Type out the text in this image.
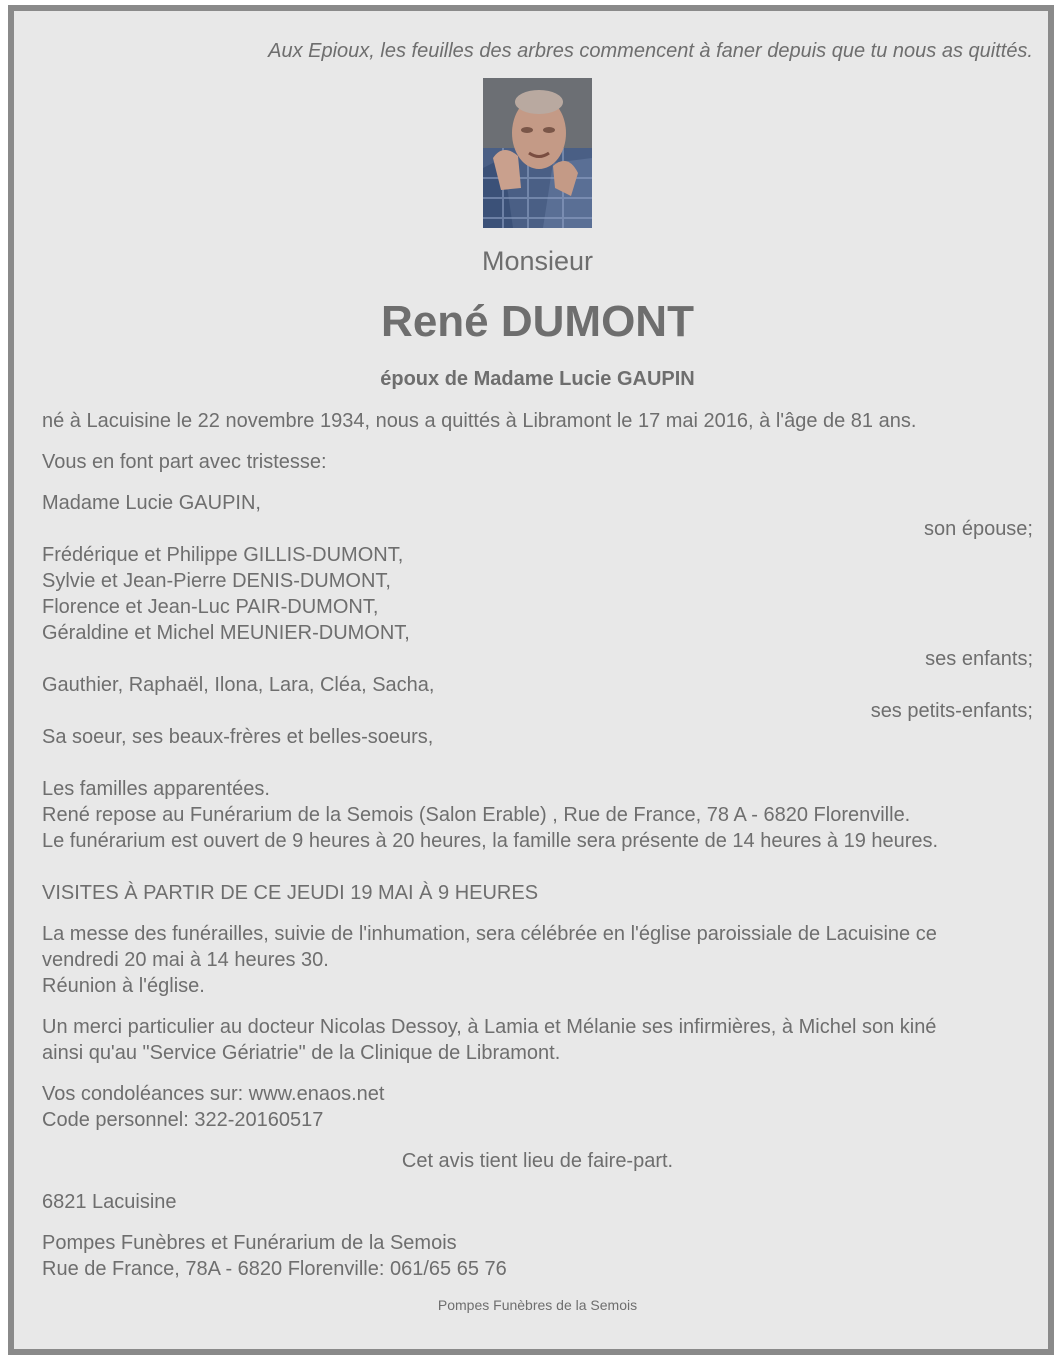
Aux Epioux, les feuilles des arbres commencent à faner depuis que tu nous as quittés.
Monsieur
René DUMONT
époux de Madame Lucie GAUPIN
né à Lacuisine le 22 novembre 1934, nous a quittés à Libramont le 17 mai 2016, à l'âge de 81 ans.
Vous en font part avec tristesse:
Madame Lucie GAUPIN,
son épouse;
Frédérique et Philippe GILLIS-DUMONT,
Sylvie et Jean-Pierre DENIS-DUMONT,
Florence et Jean-Luc PAIR-DUMONT,
Géraldine et Michel MEUNIER-DUMONT,
ses enfants;
Gauthier, Raphaël, Ilona, Lara, Cléa, Sacha,
ses petits-enfants;
Sa soeur, ses beaux-frères et belles-soeurs,
Les familles apparentées.
René repose au Funérarium de la Semois (Salon Erable) , Rue de France, 78 A - 6820 Florenville.
Le funérarium est ouvert de 9 heures à 20 heures, la famille sera présente de 14 heures à 19 heures.
VISITES À PARTIR DE CE JEUDI 19 MAI À 9 HEURES
La messe des funérailles, suivie de l'inhumation, sera célébrée en l'église paroissiale de Lacuisine ce
vendredi 20 mai à 14 heures 30.
Réunion à l'église.
Un merci particulier au docteur Nicolas Dessoy, à Lamia et Mélanie ses infirmières, à Michel son kiné
ainsi qu'au "Service Gériatrie" de la Clinique de Libramont.
Vos condoléances sur: www.enaos.net
Code personnel: 322-20160517
Cet avis tient lieu de faire-part.
6821 Lacuisine
Pompes Funèbres et Funérarium de la Semois
Rue de France, 78A - 6820 Florenville: 061/65 65 76
Pompes Funèbres de la Semois
